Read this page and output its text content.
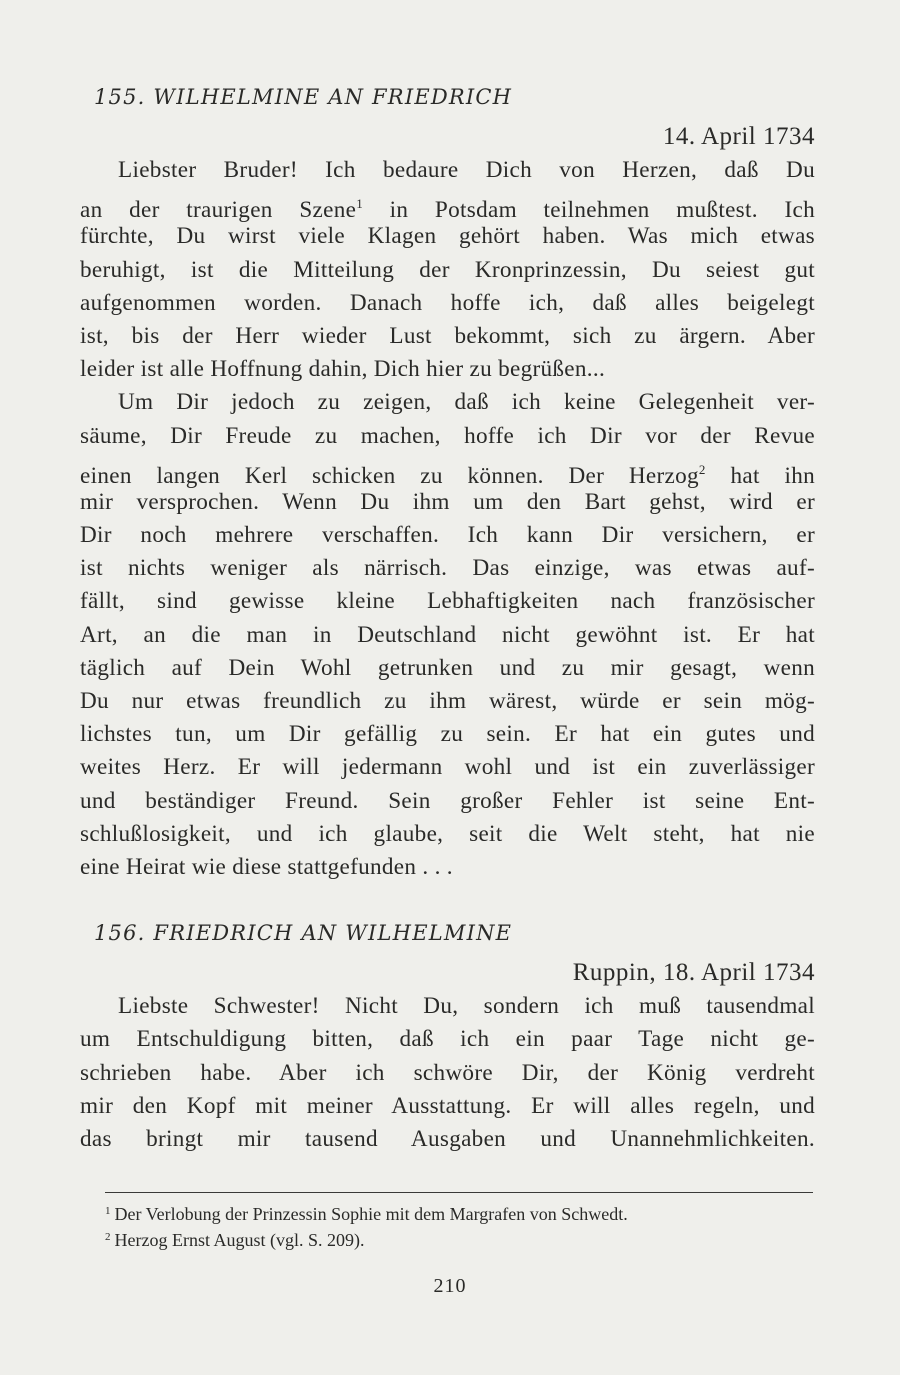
155. WILHELMINE AN FRIEDRICH
14. April 1734
Liebster Bruder! Ich bedaure Dich von Herzen, daß Du
an der traurigen Szene$^1$ in Potsdam teilnehmen mußtest. Ich
fürchte, Du wirst viele Klagen gehört haben. Was mich etwas
beruhigt, ist die Mitteilung der Kronprinzessin, Du seiest gut
aufgenommen worden. Danach hoffe ich, daß alles beigelegt
ist, bis der Herr wieder Lust bekommt, sich zu ärgern. Aber
leider ist alle Hoffnung dahin, Dich hier zu begrüßen...
Um Dir jedoch zu zeigen, daß ich keine Gelegenheit ver-
säume, Dir Freude zu machen, hoffe ich Dir vor der Revue
einen langen Kerl schicken zu können. Der Herzog$^2$ hat ihn
mir versprochen. Wenn Du ihm um den Bart gehst, wird er
Dir noch mehrere verschaffen. Ich kann Dir versichern, er
ist nichts weniger als närrisch. Das einzige, was etwas auf-
fällt, sind gewisse kleine Lebhaftigkeiten nach französischer
Art, an die man in Deutschland nicht gewöhnt ist. Er hat
täglich auf Dein Wohl getrunken und zu mir gesagt, wenn
Du nur etwas freundlich zu ihm wärest, würde er sein mög-
lichstes tun, um Dir gefällig zu sein. Er hat ein gutes und
weites Herz. Er will jedermann wohl und ist ein zuverlässiger
und beständiger Freund. Sein großer Fehler ist seine Ent-
schlußlosigkeit, und ich glaube, seit die Welt steht, hat nie
eine Heirat wie diese stattgefunden . . .
156. FRIEDRICH AN WILHELMINE
Ruppin, 18. April 1734
Liebste Schwester! Nicht Du, sondern ich muß tausendmal
um Entschuldigung bitten, daß ich ein paar Tage nicht ge-
schrieben habe. Aber ich schwöre Dir, der König verdreht
mir den Kopf mit meiner Ausstattung. Er will alles regeln, und
das bringt mir tausend Ausgaben und Unannehmlichkeiten.
$^1$ Der Verlobung der Prinzessin Sophie mit dem Margrafen von Schwedt.
$^2$ Herzog Ernst August (vgl. S. 209).
210
